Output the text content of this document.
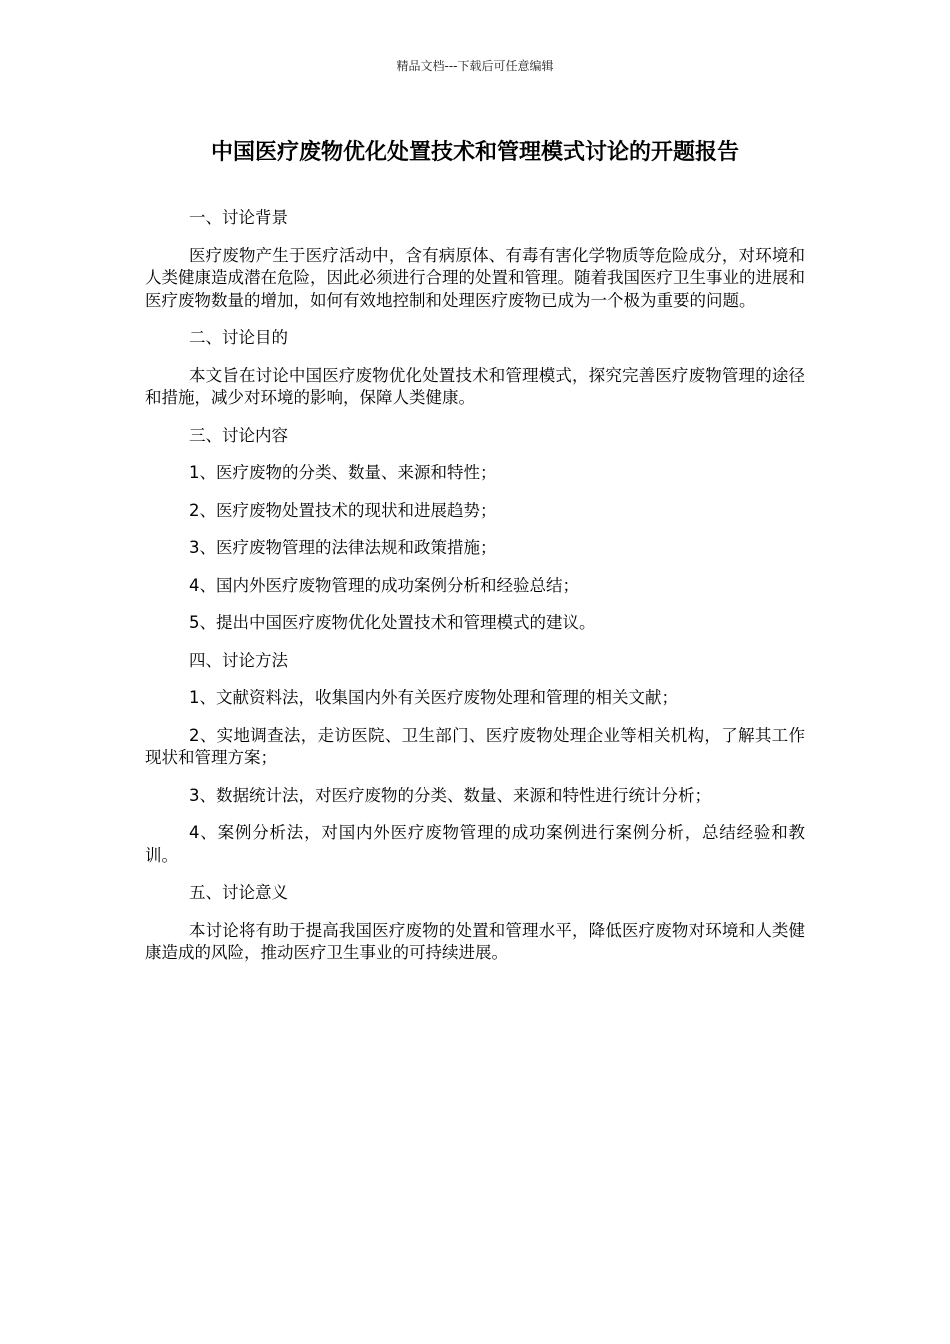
精品文档---下载后可任意编辑
中国医疗废物优化处置技术和管理模式讨论的开题报告

一、讨论背景

医疗废物产生于医疗活动中，含有病原体、有毒有害化学物质等危险成分，对环境和人类健康造成潜在危险，因此必须进行合理的处置和管理。随着我国医疗卫生事业的进展和医疗废物数量的增加，如何有效地控制和处理医疗废物已成为一个极为重要的问题。

二、讨论目的

本文旨在讨论中国医疗废物优化处置技术和管理模式，探究完善医疗废物管理的途径和措施，减少对环境的影响，保障人类健康。

三、讨论内容

1、医疗废物的分类、数量、来源和特性；

2、医疗废物处置技术的现状和进展趋势；

3、医疗废物管理的法律法规和政策措施；

4、国内外医疗废物管理的成功案例分析和经验总结；

5、提出中国医疗废物优化处置技术和管理模式的建议。

四、讨论方法

1、文献资料法，收集国内外有关医疗废物处理和管理的相关文献；

2、实地调查法，走访医院、卫生部门、医疗废物处理企业等相关机构，了解其工作现状和管理方案；

3、数据统计法，对医疗废物的分类、数量、来源和特性进行统计分析；

4、案例分析法，对国内外医疗废物管理的成功案例进行案例分析，总结经验和教训。

五、讨论意义

本讨论将有助于提高我国医疗废物的处置和管理水平，降低医疗废物对环境和人类健康造成的风险，推动医疗卫生事业的可持续进展。
